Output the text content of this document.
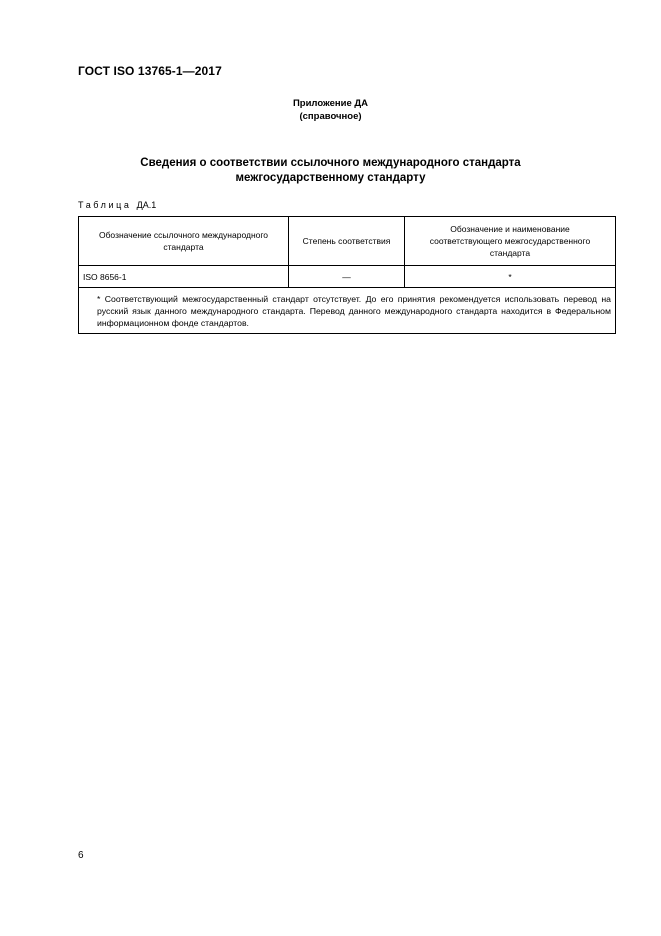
ГОСТ ISO 13765-1—2017
Приложение ДА
(справочное)
Сведения о соответствии ссылочного международного стандарта
межгосударственному стандарту
Таблица ДА.1
Обозначение ссылочного международного стандарта	Степень соответствия	Обозначение и наименование соответствующего межгосударственного стандарта
ISO 8656-1	—	*

* Соответствующий межгосударственный стандарт отсутствует. До его принятия рекомендуется использовать перевод на русский язык данного международного стандарта. Перевод данного международного стандарта находится в Федеральном информационном фонде стандартов.		
6
